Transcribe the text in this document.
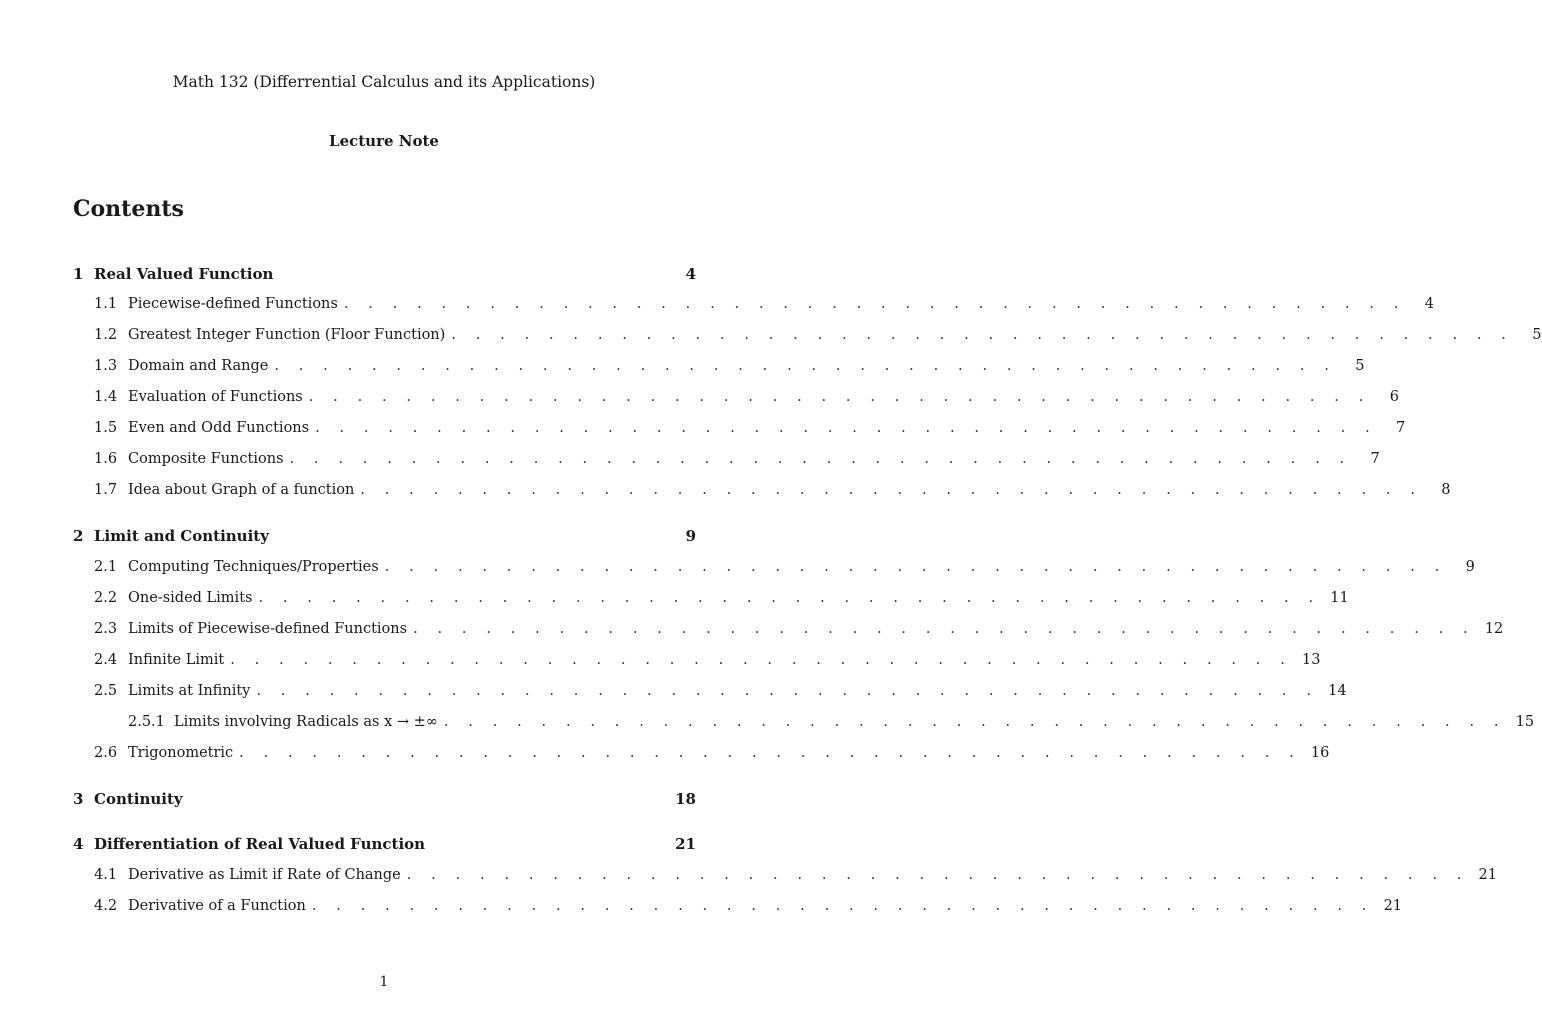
Math 132 (Differrential Calculus and its Applications)
Lecture Note
Contents
1 Real Valued Function	4
1.1 Piecewise-defined Functions . . . . . . . . . . . . . . . . . . . . . . . . . . . . . . . . . . . . . . . . . . . .	4
1.2 Greatest Integer Function (Floor Function) . . . . . . . . . . . . . . . . . . . . . . . . . . . . . . . . . . . . . . . . . . . .	5
1.3 Domain and Range . . . . . . . . . . . . . . . . . . . . . . . . . . . . . . . . . . . . . . . . . . . .	5
1.4 Evaluation of Functions . . . . . . . . . . . . . . . . . . . . . . . . . . . . . . . . . . . . . . . . . . . .	6
1.5 Even and Odd Functions . . . . . . . . . . . . . . . . . . . . . . . . . . . . . . . . . . . . . . . . . . . .	7
1.6 Composite Functions . . . . . . . . . . . . . . . . . . . . . . . . . . . . . . . . . . . . . . . . . . . .	7
1.7 Idea about Graph of a function . . . . . . . . . . . . . . . . . . . . . . . . . . . . . . . . . . . . . . . . . . . .	8
2 Limit and Continuity	9
2.1 Computing Techniques/Properties . . . . . . . . . . . . . . . . . . . . . . . . . . . . . . . . . . . . . . . . . . . .	9
2.2 One-sided Limits . . . . . . . . . . . . . . . . . . . . . . . . . . . . . . . . . . . . . . . . . . . . 11
2.3 Limits of Piecewise-defined Functions . . . . . . . . . . . . . . . . . . . . . . . . . . . . . . . . . . . . . . . . . . . . 12
2.4 Infinite Limit . . . . . . . . . . . . . . . . . . . . . . . . . . . . . . . . . . . . . . . . . . . . 13
2.5 Limits at Infinity . . . . . . . . . . . . . . . . . . . . . . . . . . . . . . . . . . . . . . . . . . . . 14
2.5.1 Limits involving Radicals as x → ±∞ . . . . . . . . . . . . . . . . . . . . . . . . . . . . . . . . . . . . . . . . . . . . 15
2.6 Trigonometric . . . . . . . . . . . . . . . . . . . . . . . . . . . . . . . . . . . . . . . . . . . . 16
3 Continuity	18
4 Differentiation of Real Valued Function	21
4.1 Derivative as Limit if Rate of Change . . . . . . . . . . . . . . . . . . . . . . . . . . . . . . . . . . . . . . . . . . . . 21
4.2 Derivative of a Function . . . . . . . . . . . . . . . . . . . . . . . . . . . . . . . . . . . . . . . . . . . . 21
1
